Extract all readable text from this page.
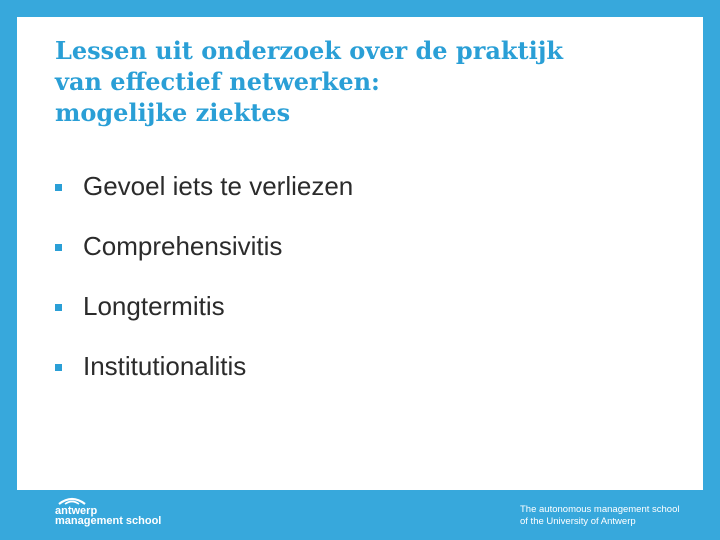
Lessen uit onderzoek over de praktijk
van effectief netwerken:
mogelijke ziektes
Gevoel iets te verliezen
Comprehensivitis
Longtermitis
Institutionalitis
antwerp
management school
The autonomous management school
of the University of Antwerp
